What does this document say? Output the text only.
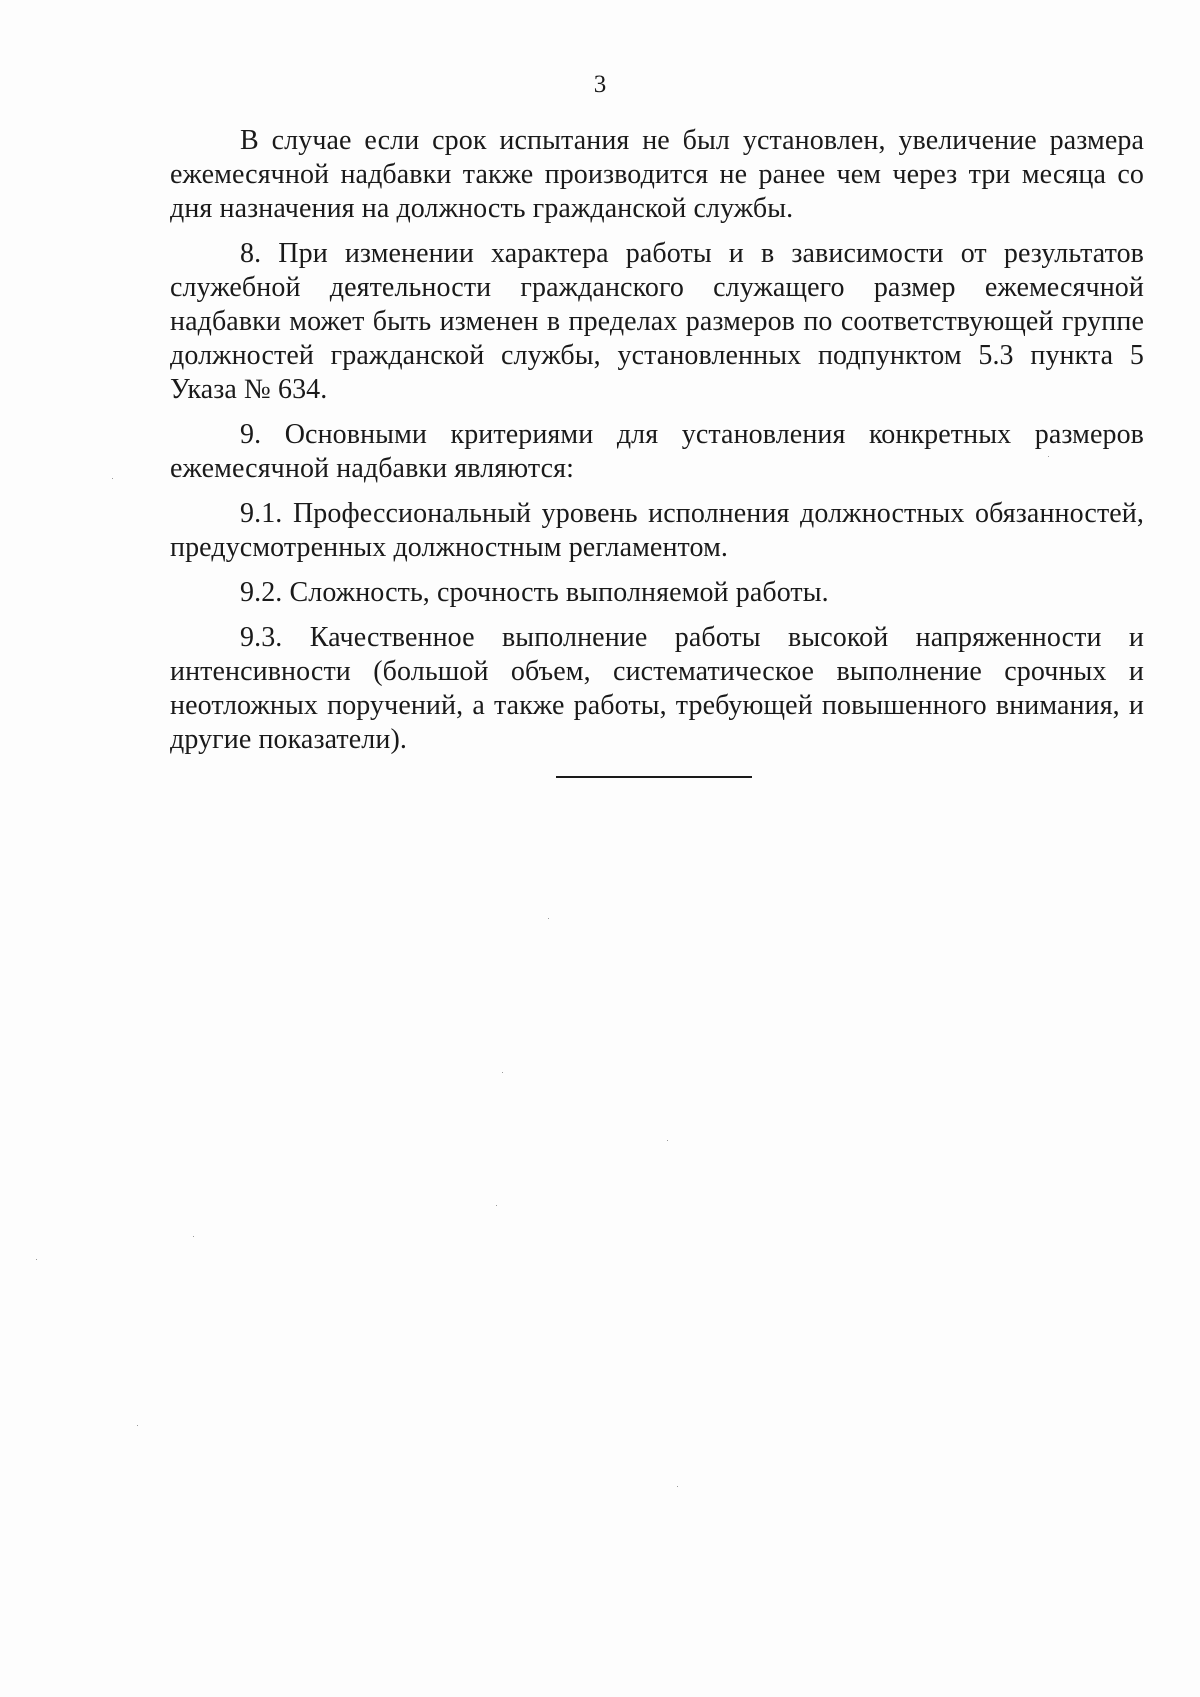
3

В случае если срок испытания не был установлен, увеличение размера ежемесячной надбавки также производится не ранее чем через три месяца со дня назначения на должность гражданской службы.

8. При изменении характера работы и в зависимости от результатов служебной деятельности гражданского служащего размер ежемесячной надбавки может быть изменен в пределах размеров по соответствующей группе должностей гражданской службы, установленных подпунктом 5.3 пункта 5 Указа № 634.

9. Основными критериями для установления конкретных размеров ежемесячной надбавки являются:

9.1. Профессиональный уровень исполнения должностных обязанностей, предусмотренных должностным регламентом.

9.2. Сложность, срочность выполняемой работы.

9.3. Качественное выполнение работы высокой напряженности и интенсивности (большой объем, систематическое выполнение срочных и неотложных поручений, а также работы, требующей повышенного внимания, и другие показатели).
